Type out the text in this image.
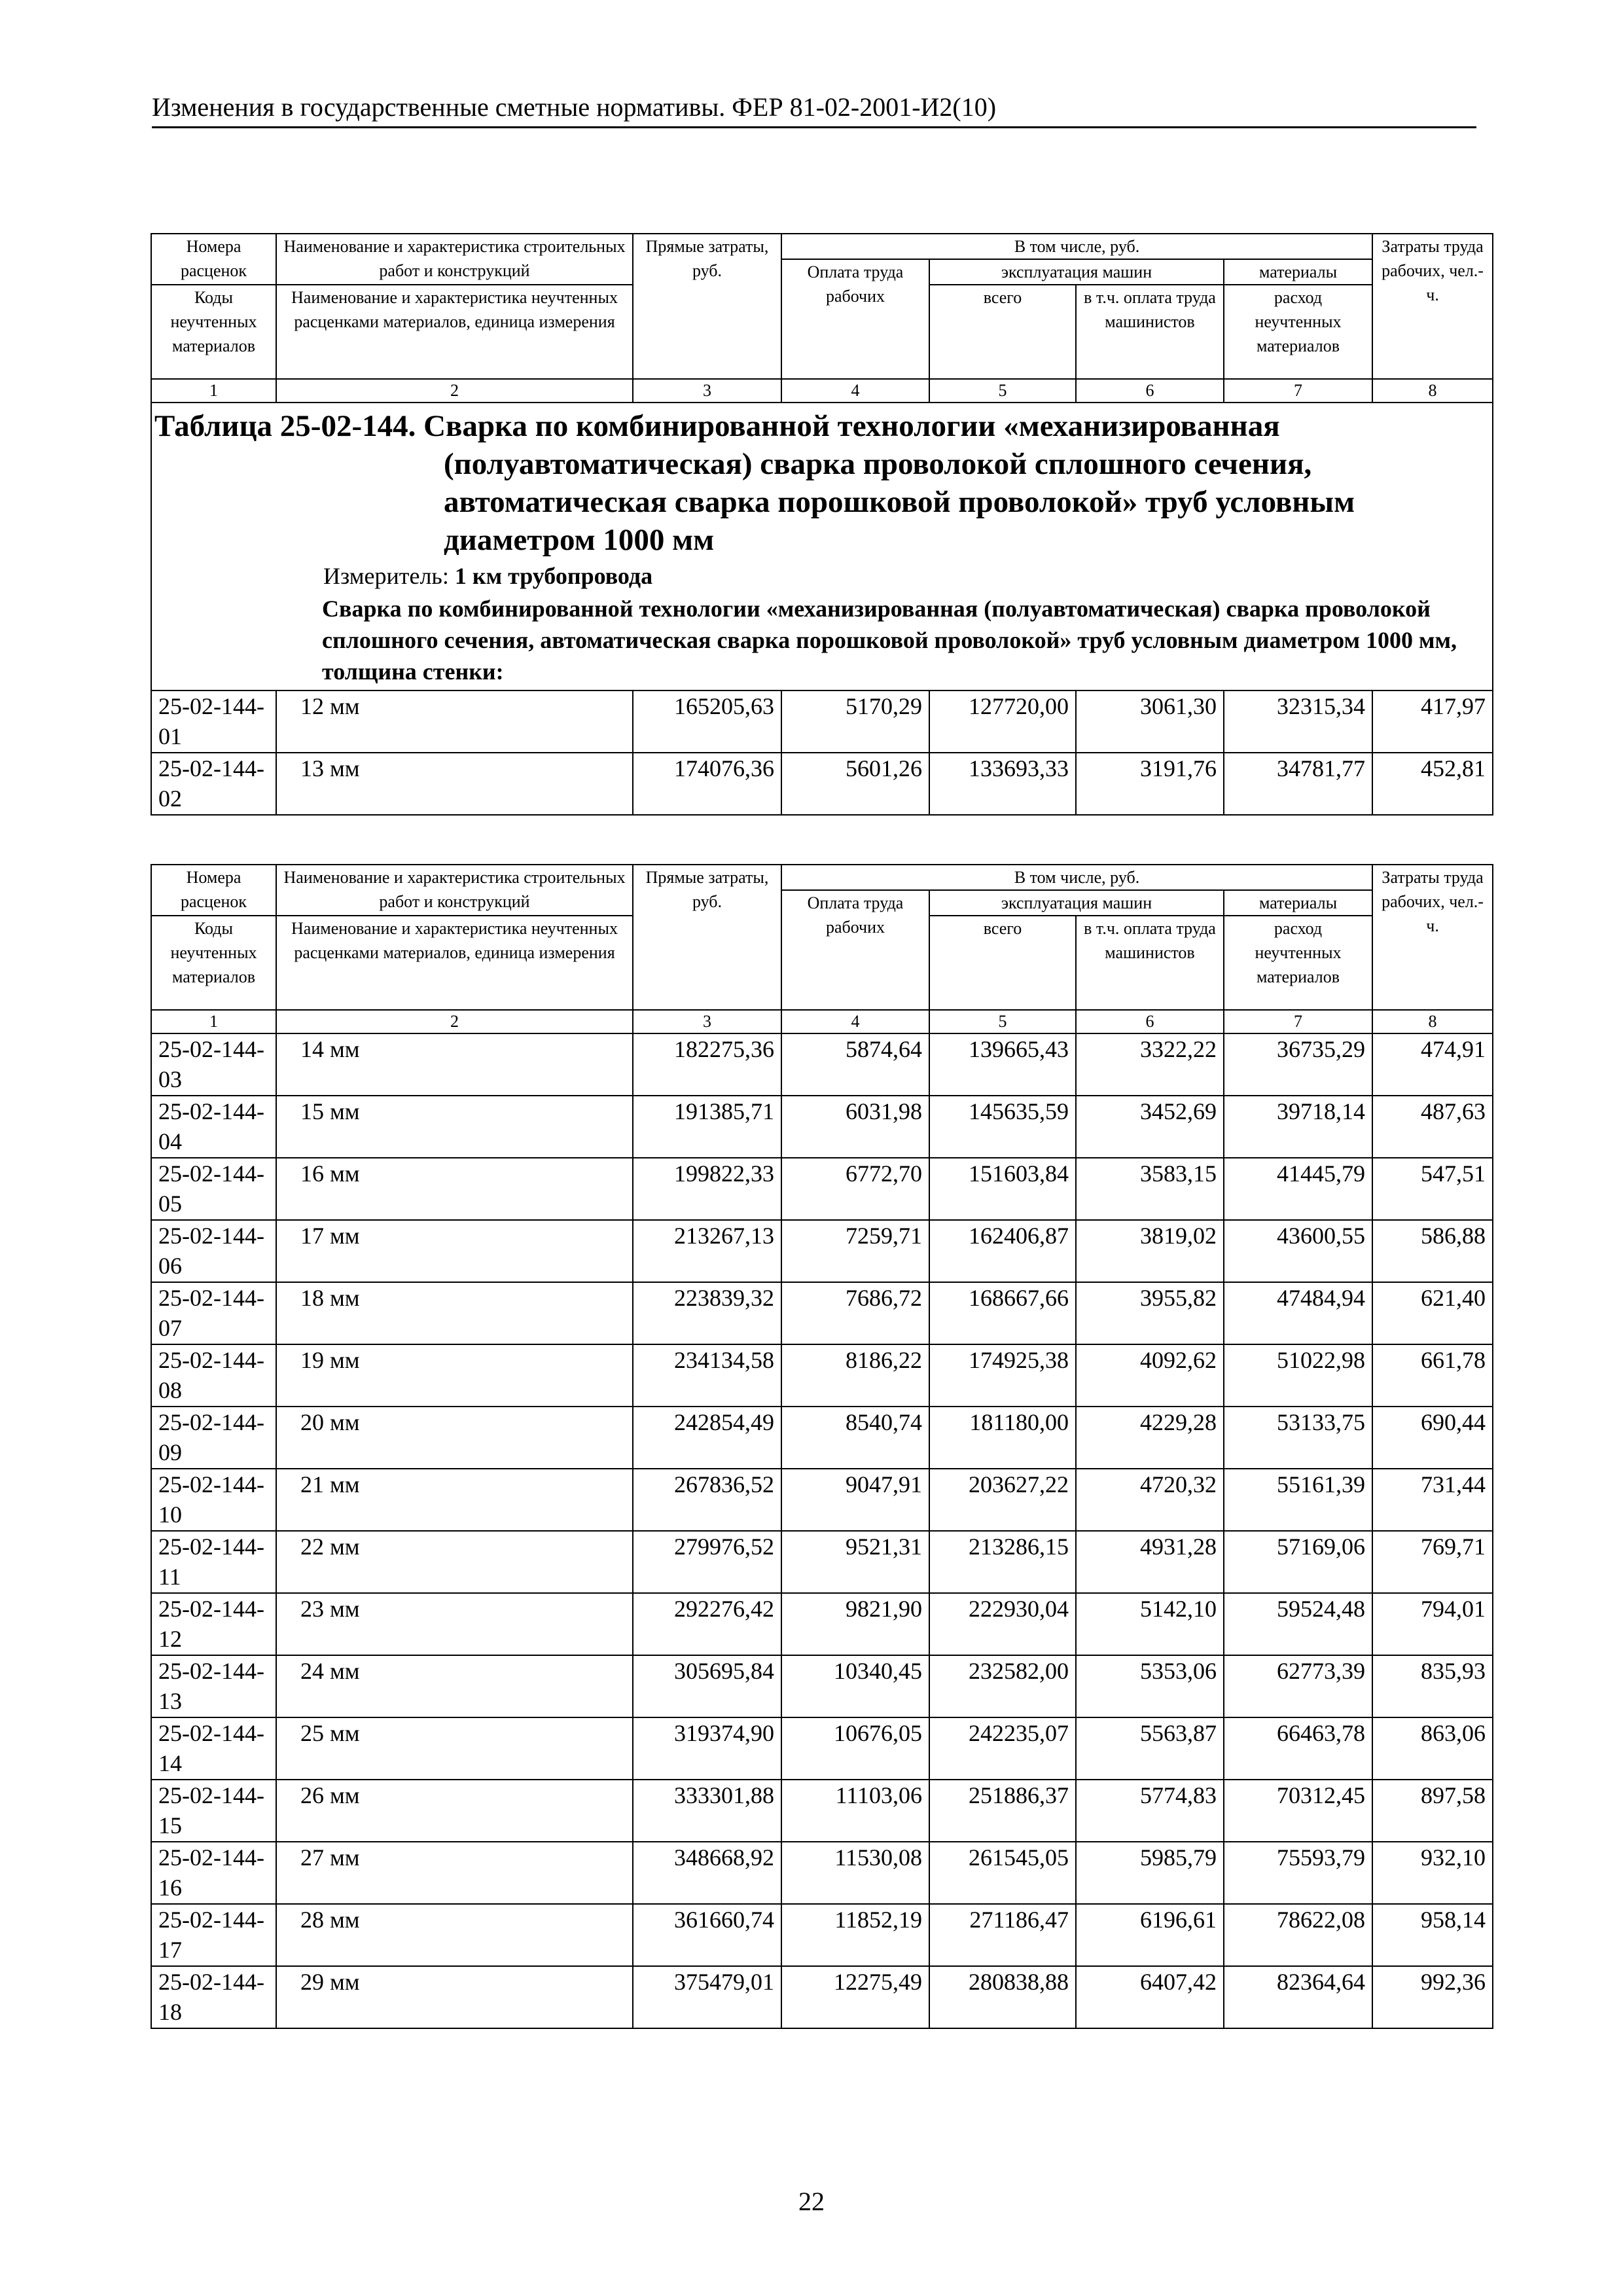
Изменения в государственные сметные нормативы. ФЕР 81-02-2001-И2(10)
Номера расценок	Наименование и характеристика строительных работ и конструкций	Прямые затраты, руб.	В том числе, руб.				Затраты труда рабочих, чел.-ч.
			Оплата труда рабочих	эксплуатация машин		материалы	
Коды неучтенных материалов	Наименование и характеристика неучтенных расценками материалов, единица измерения			всего	в т.ч. оплата труда машинистов	расход неучтенных материалов	

1	2	3	4	5	6	7	8

Таблица 25-02-144. Сварка по комбинированной технологии «механизированная
(полуавтоматическая) сварка проволокой сплошного сечения, автоматическая сварка порошковой проволокой» труб условным диаметром 1000 мм
Измеритель: 1 км трубопровода							

Сварка по комбинированной технологии «механизированная (полуавтоматическая) сварка проволокой сплошного сечения, автоматическая сварка порошковой проволокой» труб условным диаметром 1000 мм, толщина стенки:							

25-02-144-01	12 мм	165205,63	5170,29	127720,00	3061,30	32315,34	417,97
25-02-144-02	13 мм	174076,36	5601,26	133693,33	3191,76	34781,77	452,81
Номера расценок	Наименование и характеристика строительных работ и конструкций	Прямые затраты, руб.	В том числе, руб.				Затраты труда рабочих, чел.-ч.
			Оплата труда рабочих	эксплуатация машин		материалы	
Коды неучтенных материалов	Наименование и характеристика неучтенных расценками материалов, единица измерения			всего	в т.ч. оплата труда машинистов	расход неучтенных материалов	

1	2	3	4	5	6	7	8
25-02-144-03	14 мм	182275,36	5874,64	139665,43	3322,22	36735,29	474,91
25-02-144-04	15 мм	191385,71	6031,98	145635,59	3452,69	39718,14	487,63
25-02-144-05	16 мм	199822,33	6772,70	151603,84	3583,15	41445,79	547,51
25-02-144-06	17 мм	213267,13	7259,71	162406,87	3819,02	43600,55	586,88
25-02-144-07	18 мм	223839,32	7686,72	168667,66	3955,82	47484,94	621,40
25-02-144-08	19 мм	234134,58	8186,22	174925,38	4092,62	51022,98	661,78
25-02-144-09	20 мм	242854,49	8540,74	181180,00	4229,28	53133,75	690,44
25-02-144-10	21 мм	267836,52	9047,91	203627,22	4720,32	55161,39	731,44
25-02-144-11	22 мм	279976,52	9521,31	213286,15	4931,28	57169,06	769,71
25-02-144-12	23 мм	292276,42	9821,90	222930,04	5142,10	59524,48	794,01
25-02-144-13	24 мм	305695,84	10340,45	232582,00	5353,06	62773,39	835,93
25-02-144-14	25 мм	319374,90	10676,05	242235,07	5563,87	66463,78	863,06
25-02-144-15	26 мм	333301,88	11103,06	251886,37	5774,83	70312,45	897,58
25-02-144-16	27 мм	348668,92	11530,08	261545,05	5985,79	75593,79	932,10
25-02-144-17	28 мм	361660,74	11852,19	271186,47	6196,61	78622,08	958,14
25-02-144-18	29 мм	375479,01	12275,49	280838,88	6407,42	82364,64	992,36
22
